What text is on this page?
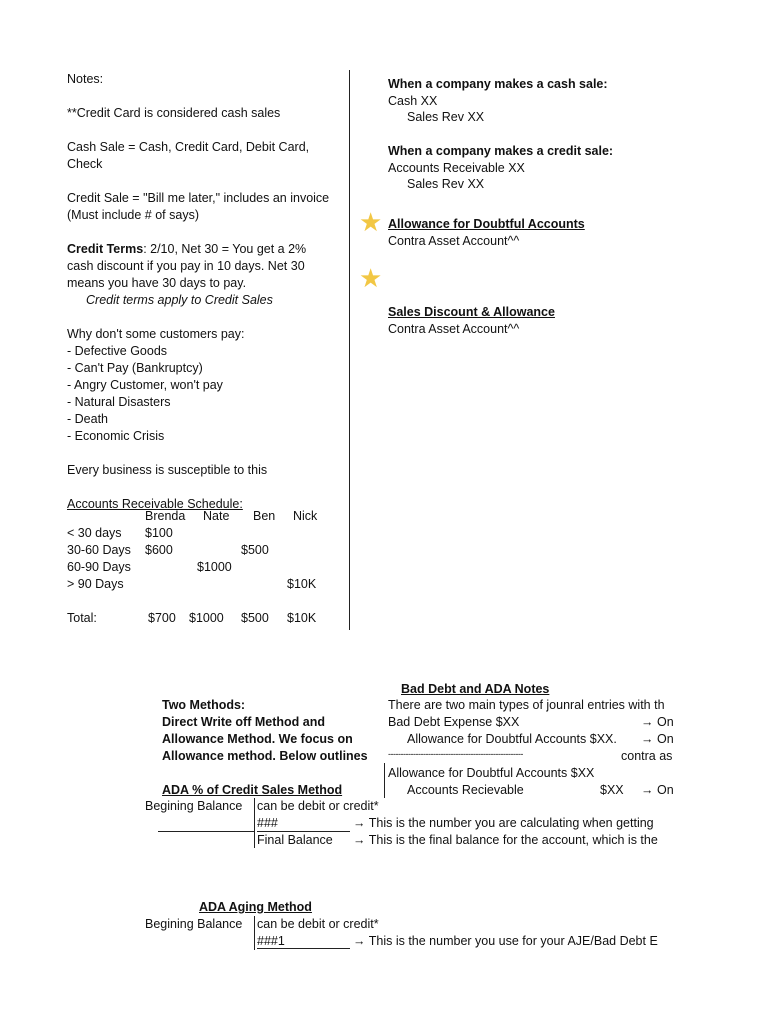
Notes:
**Credit Card is considered cash sales
Cash Sale = Cash, Credit Card, Debit Card,
Check
Credit Sale = "Bill me later," includes an invoice
(Must include # of says)
Credit Terms: 2/10, Net 30 = You get a 2%
cash discount if you pay in 10 days. Net 30
means you have 30 days to pay.
Credit terms apply to Credit Sales
Why don't some customers pay:
- Defective Goods
- Can't Pay (Bankruptcy)
- Angry Customer, won't pay
- Natural Disasters
- Death
- Economic Crisis
Every business is susceptible to this
Accounts Receivable Schedule:
	Brenda	Nate	Ben	Nick
< 30 days	$100			
30-60 Days	$600		$500	
60-90 Days		$1000		
> 90 Days				$10K

Total:	$700	$1000	$500	$10K
When a company makes a cash sale:
Cash XX
Sales Rev XX
When a company makes a credit sale:
Accounts Receivable XX
Sales Rev XX
★ Allowance for Doubtful Accounts
Contra Asset Account^^
★
Sales Discount & Allowance
Contra Asset Account^^
Bad Debt and ADA Notes
Two Methods:
Direct Write off Method and
Allowance Method. We focus on
Allowance method. Below outlines
There are two main types of jounral entries with th
Bad Debt Expense $XX	→ On
Allowance for Doubtful Accounts $XX. → On
------------------------------------------------------	contra as
Allowance for Doubtful Accounts $XX
Accounts Recievable	$XX → On
ADA % of Credit Sales Method
Begining Balance can be debit or credit*
###	→ This is the number you are calculating when getting
Final Balance → This is the final balance for the account, which is the
ADA Aging Method
Begining Balance can be debit or credit*
###1	→ This is the number you use for your AJE/Bad Debt E
